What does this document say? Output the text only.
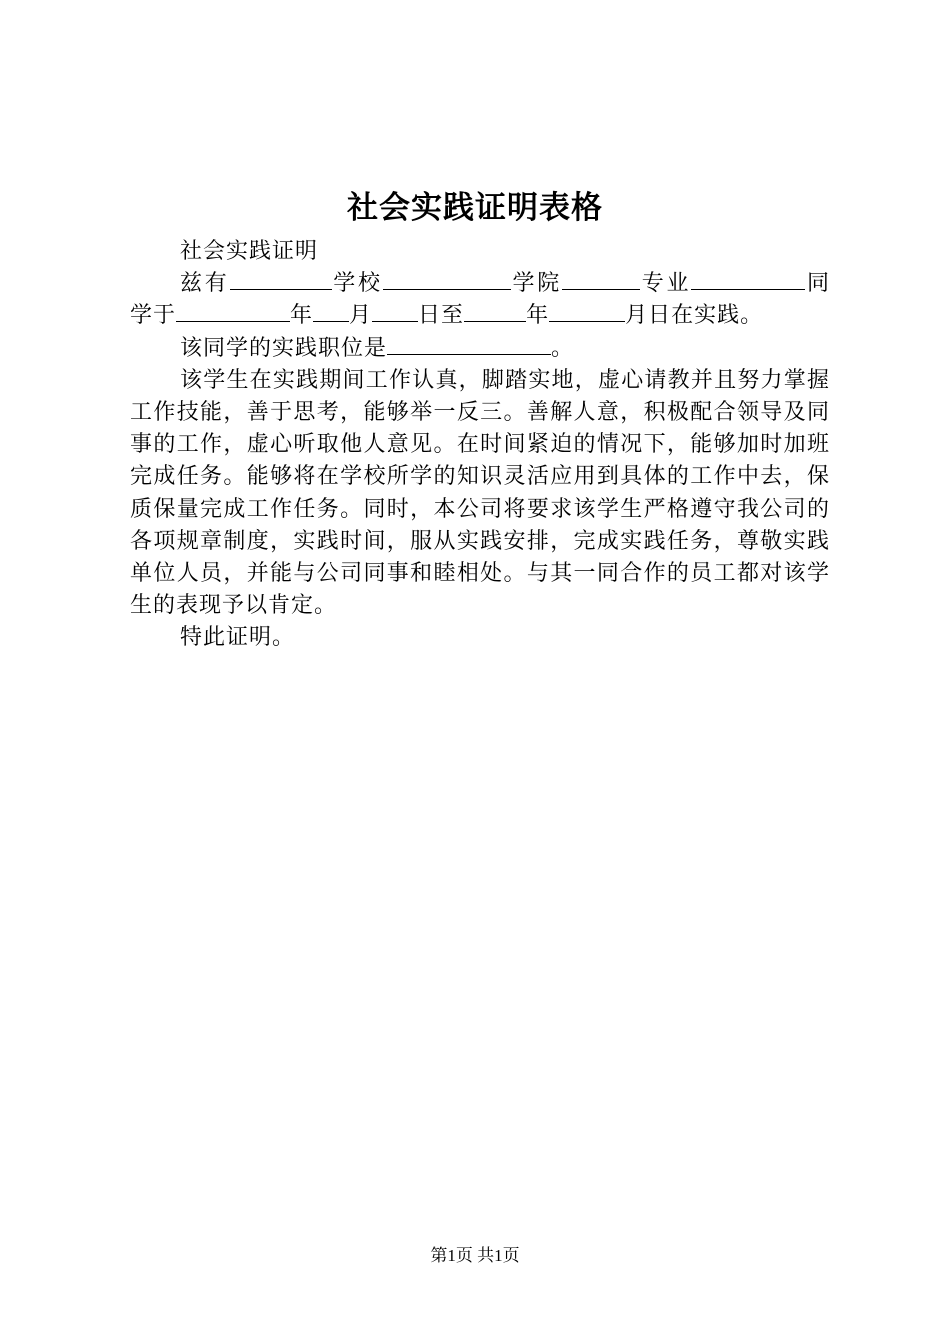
社会实践证明表格

社会实践证明

兹有	学校	学院	专业	同学于	年 月 日至	年	月日在实践。

该同学的实践职位是	。

该学生在实践期间工作认真，脚踏实地，虚心请教并且努力掌握工作技能，善于思考，能够举一反三。善解人意，积极配合领导及同事的工作，虚心听取他人意见。在时间紧迫的情况下，能够加时加班完成任务。能够将在学校所学的知识灵活应用到具体的工作中去，保质保量完成工作任务。同时，本公司将要求该学生严格遵守我公司的各项规章制度，实践时间，服从实践安排，完成实践任务，尊敬实践单位人员，并能与公司同事和睦相处。与其一同合作的员工都对该学生的表现予以肯定。

特此证明。

第1页 共1页
